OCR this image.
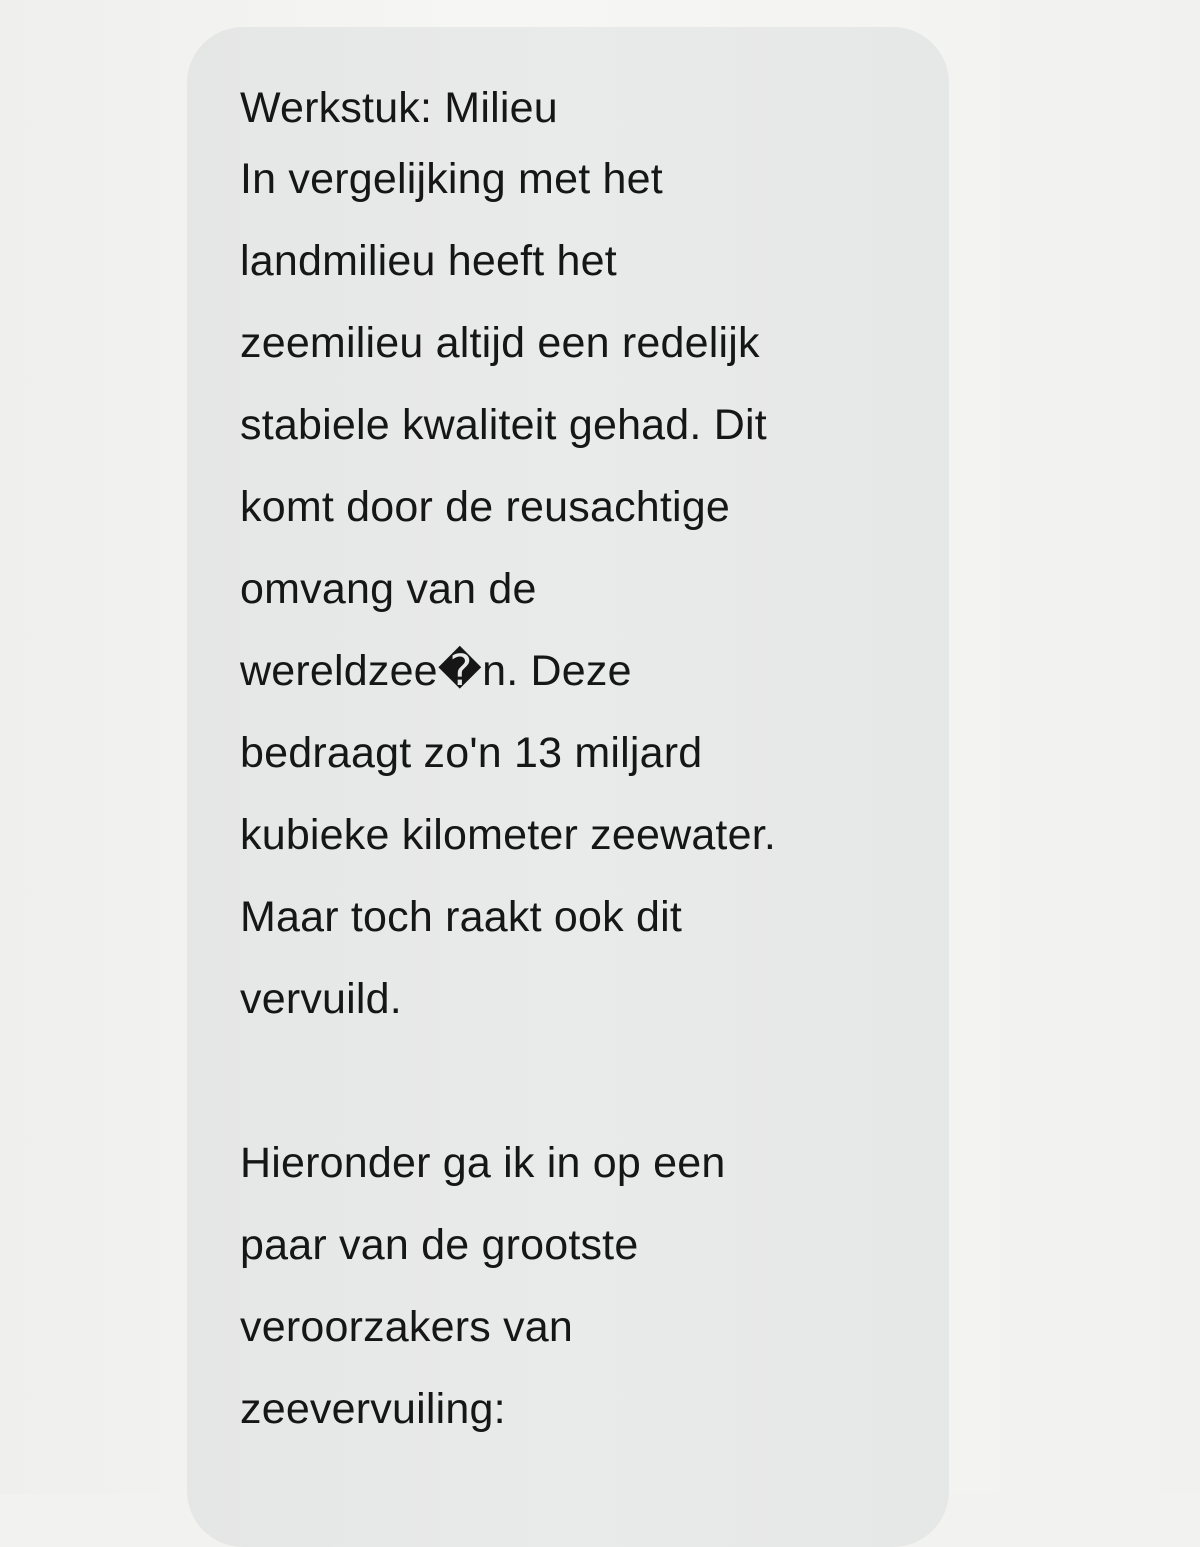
Werkstuk: Milieu
In vergelijking met het
landmilieu heeft het
zeemilieu altijd een redelijk
stabiele kwaliteit gehad. Dit
komt door de reusachtige
omvang van de
wereldzee�n. Deze
bedraagt zo'n 13 miljard
kubieke kilometer zeewater.
Maar toch raakt ook dit
vervuild.
Hieronder ga ik in op een
paar van de grootste
veroorzakers van
zeevervuiling:
